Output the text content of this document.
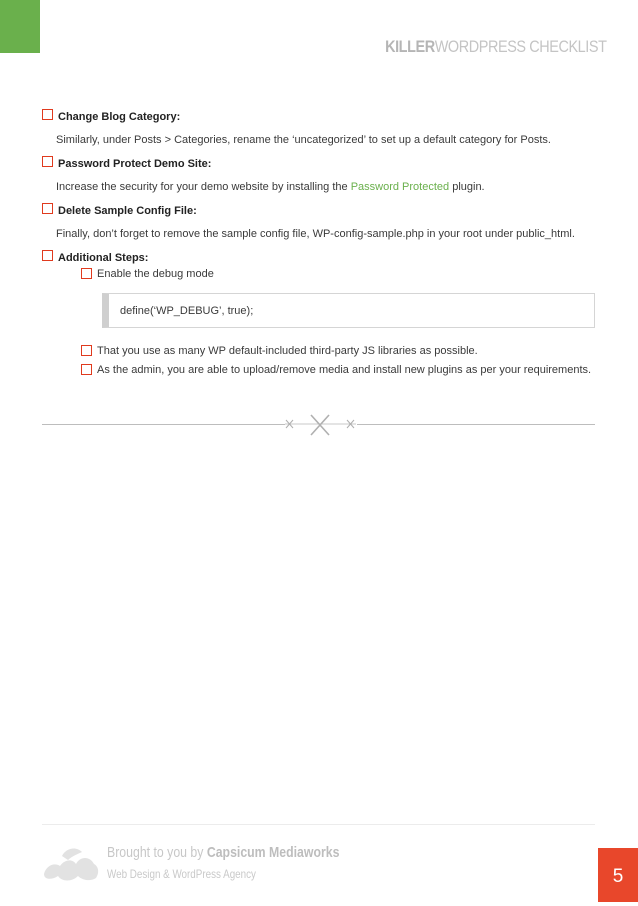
KILLERWORDPRESS CHECKLIST
Change Blog Category:
Similarly, under Posts > Categories, rename the ‘uncategorized’ to set up a default category for Posts.
Password Protect Demo Site:
Increase the security for your demo website by installing the Password Protected plugin.
Delete Sample Config File:
Finally, don’t forget to remove the sample config file, WP-config-sample.php in your root under public_html.
Additional Steps:
Enable the debug mode
define(‘WP_DEBUG’, true);
That you use as many WP default-included third-party JS libraries as possible.
As the admin, you are able to upload/remove media and install new plugins as per your requirements.
Brought to you by Capsicum Mediaworks
Web Design & WordPress Agency	5
